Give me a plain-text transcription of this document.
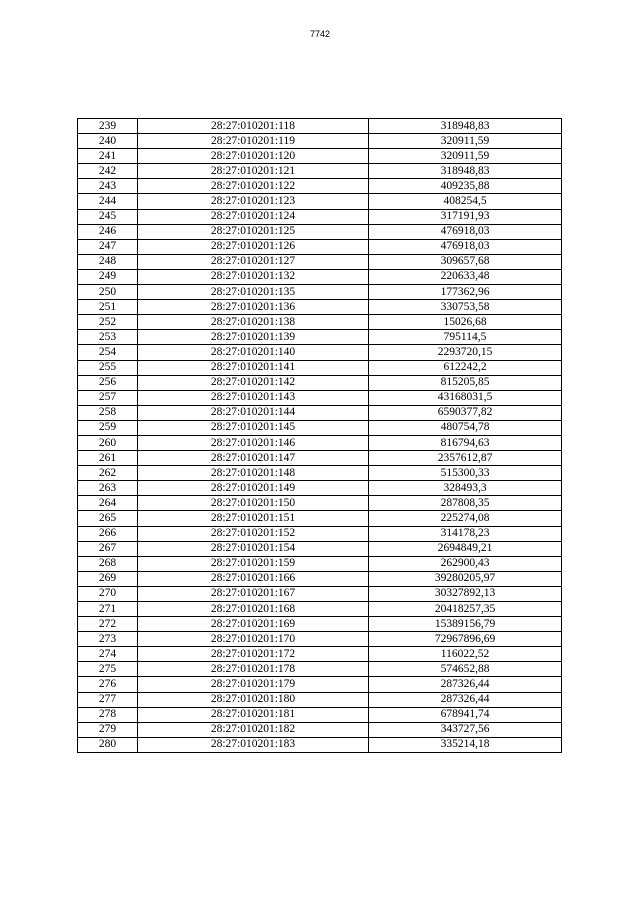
7742
239	28:27:010201:118	318948,83
240	28:27:010201:119	320911,59
241	28:27:010201:120	320911,59
242	28:27:010201:121	318948,83
243	28:27:010201:122	409235,88
244	28:27:010201:123	408254,5
245	28:27:010201:124	317191,93
246	28:27:010201:125	476918,03
247	28:27:010201:126	476918,03
248	28:27:010201:127	309657,68
249	28:27:010201:132	220633,48
250	28:27:010201:135	177362,96
251	28:27:010201:136	330753,58
252	28:27:010201:138	15026,68
253	28:27:010201:139	795114,5
254	28:27:010201:140	2293720,15
255	28:27:010201:141	612242,2
256	28:27:010201:142	815205,85
257	28:27:010201:143	43168031,5
258	28:27:010201:144	6590377,82
259	28:27:010201:145	480754,78
260	28:27:010201:146	816794,63
261	28:27:010201:147	2357612,87
262	28:27:010201:148	515300,33
263	28:27:010201:149	328493,3
264	28:27:010201:150	287808,35
265	28:27:010201:151	225274,08
266	28:27:010201:152	314178,23
267	28:27:010201:154	2694849,21
268	28:27:010201:159	262900,43
269	28:27:010201:166	39280205,97
270	28:27:010201:167	30327892,13
271	28:27:010201:168	20418257,35
272	28:27:010201:169	15389156,79
273	28:27:010201:170	72967896,69
274	28:27:010201:172	116022,52
275	28:27:010201:178	574652,88
276	28:27:010201:179	287326,44
277	28:27:010201:180	287326,44
278	28:27:010201:181	678941,74
279	28:27:010201:182	343727,56
280	28:27:010201:183	335214,18
